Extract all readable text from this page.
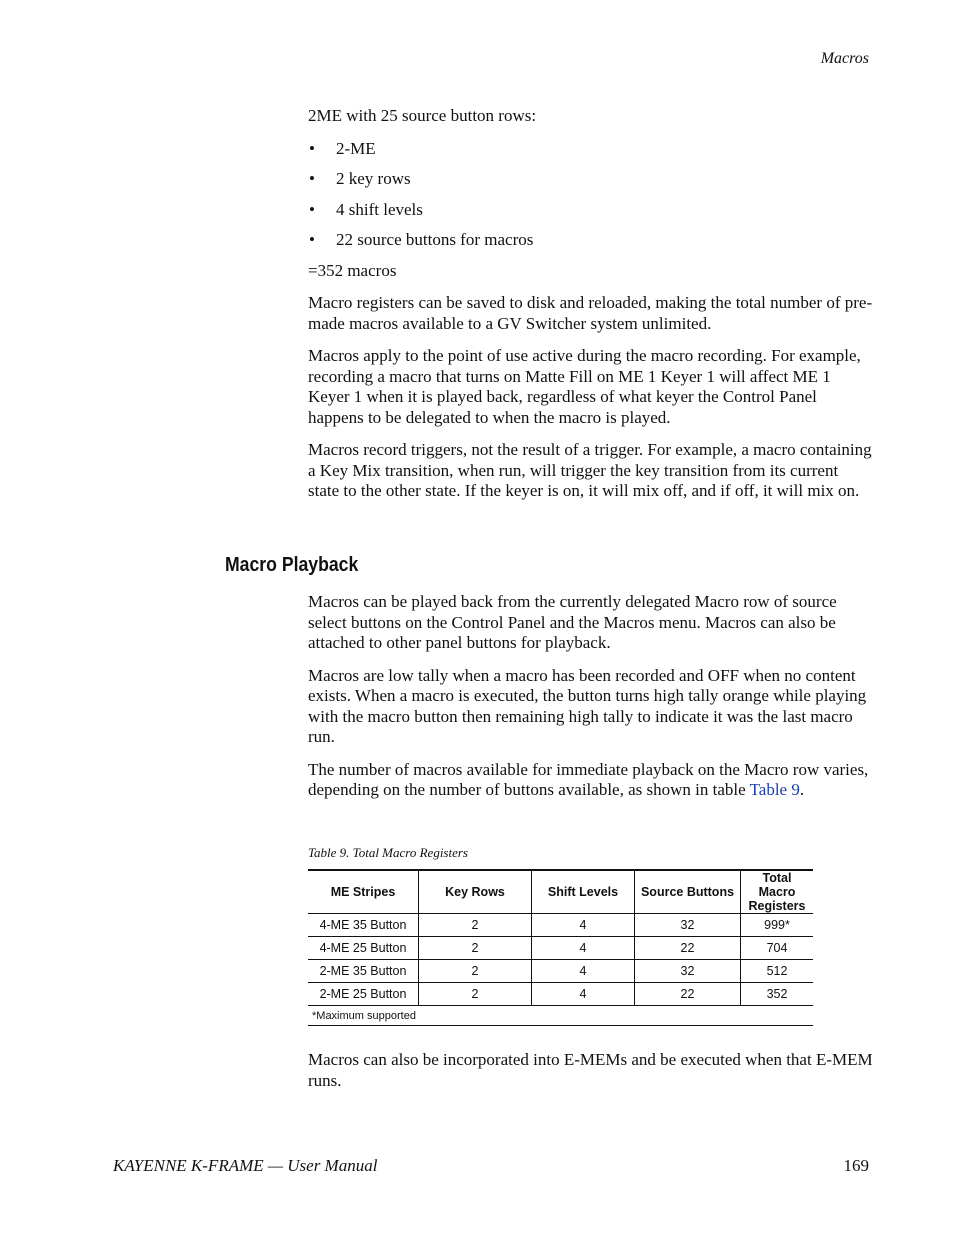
Macros

2ME with 25 source button rows:

• 2-ME
• 2 key rows
• 4 shift levels
• 22 source buttons for macros

=352 macros

Macro registers can be saved to disk and reloaded, making the total number of pre-made macros available to a GV Switcher system unlimited.

Macros apply to the point of use active during the macro recording. For example, recording a macro that turns on Matte Fill on ME 1 Keyer 1 will affect ME 1 Keyer 1 when it is played back, regardless of what keyer the Control Panel happens to be delegated to when the macro is played.

Macros record triggers, not the result of a trigger. For example, a macro containing a Key Mix transition, when run, will trigger the key transition from its current state to the other state. If the keyer is on, it will mix off, and if off, it will mix on.

Macro Playback

Macros can be played back from the currently delegated Macro row of source select buttons on the Control Panel and the Macros menu. Macros can also be attached to other panel buttons for playback.

Macros are low tally when a macro has been recorded and OFF when no content exists. When a macro is executed, the button turns high tally orange while playing with the macro button then remaining high tally to indicate it was the last macro run.

The number of macros available for immediate playback on the Macro row varies, depending on the number of buttons available, as shown in table Table 9.

Table 9. Total Macro Registers
ME Stripes	Key Rows	Shift Levels	Source Buttons	Total Macro Registers
4-ME 35 Button	2	4	32	999*
4-ME 25 Button	2	4	22	704
2-ME 35 Button	2	4	32	512
2-ME 25 Button	2	4	22	352
*Maximum supported				

Macros can also be incorporated into E-MEMs and be executed when that E-MEM runs.

KAYENNE K-FRAME — User Manual	169
